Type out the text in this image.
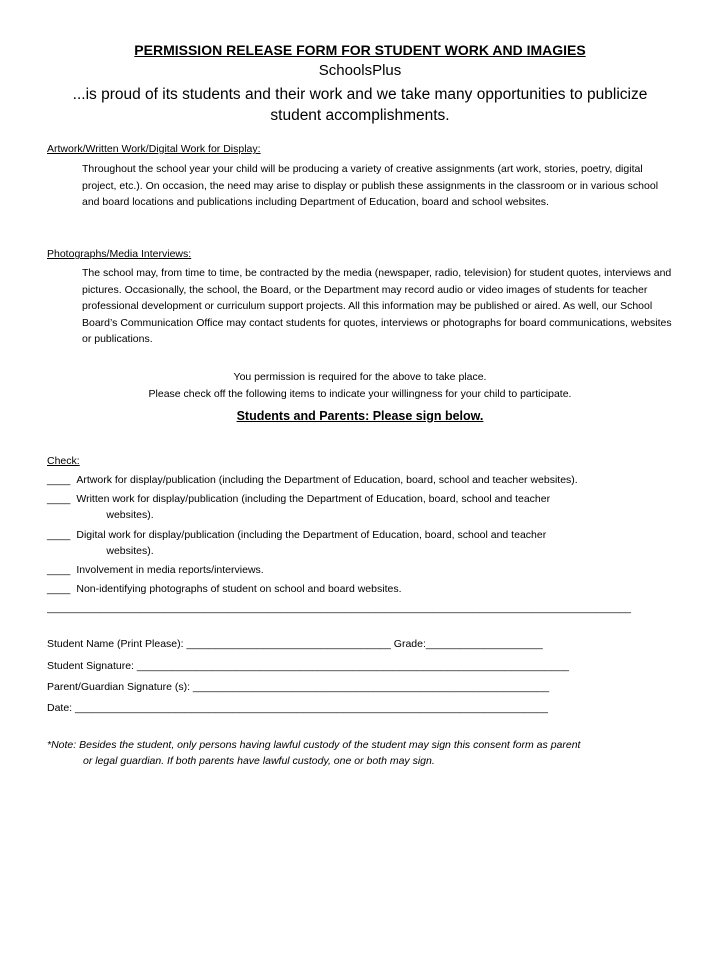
PERMISSION RELEASE FORM FOR STUDENT WORK AND IMAGIES
SchoolsPlus
...is proud of its students and their work and we take many opportunities to publicize student accomplishments.
Artwork/Written Work/Digital Work for Display:
Throughout the school year your child will be producing a variety of creative assignments (art work, stories, poetry, digital project, etc.). On occasion, the need may arise to display or publish these assignments in the classroom or in various school and board locations and publications including Department of Education, board and school websites.
Photographs/Media Interviews:
The school may, from time to time, be contracted by the media (newspaper, radio, television) for student quotes, interviews and pictures. Occasionally, the school, the Board, or the Department may record audio or video images of students for teacher professional development or curriculum support projects. All this information may be published or aired. As well, our School Board’s Communication Office may contact students for quotes, interviews or photographs for board communications, websites or publications.
You permission is required for the above to take place.
Please check off the following items to indicate your willingness for your child to participate.
Students and Parents: Please sign below.
Check:
____ Artwork for display/publication (including the Department of Education, board, school and teacher websites).
____ Written work for display/publication (including the Department of Education, board, school and teacher

websites).
____ Digital work for display/publication (including the Department of Education, board, school and teacher

websites).
____ Involvement in media reports/interviews.
____ Non-identifying photographs of student on school and board websites.
____________________________________________________________________________________________________
Student Name (Print Please): ___________________________________ Grade:____________________
Student Signature: __________________________________________________________________________
Parent/Guardian Signature (s): _____________________________________________________________
Date: _________________________________________________________________________________
*Note: Besides the student, only persons having lawful custody of the student may sign this consent form as parent
or legal guardian. If both parents have lawful custody, one or both may sign.
